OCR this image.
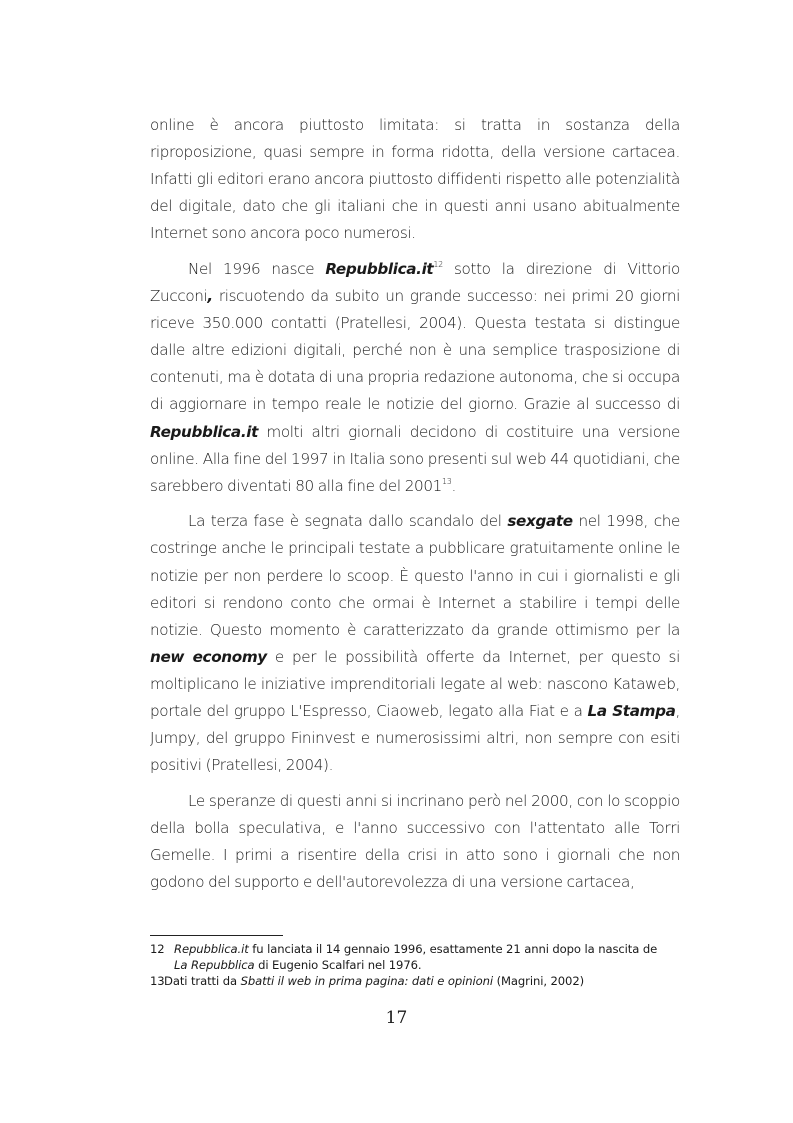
online è ancora piuttosto limitata: si tratta in sostanza della riproposizione, quasi sempre in forma ridotta, della versione cartacea. Infatti gli editori erano ancora piuttosto diffidenti rispetto alle potenzialità del digitale, dato che gli italiani che in questi anni usano abitualmente Internet sono ancora poco numerosi.

Nel 1996 nasce $Repubblica.it^{12}$ sotto la direzione di Vittorio Zucconi, riscuotendo da subito un grande successo: nei primi 20 giorni riceve 350.000 contatti (Pratellesi, 2004). Questa testata si distingue dalle altre edizioni digitali, perché non è una semplice trasposizione di contenuti, ma è dotata di una propria redazione autonoma, che si occupa di aggiornare in tempo reale le notizie del giorno. Grazie al successo di Repubblica.it molti altri giornali decidono di costituire una versione online. Alla fine del 1997 in Italia sono presenti sul web 44 quotidiani, che sarebbero diventati 80 alla fine del 2001$^{13}$.

La terza fase è segnata dallo scandalo del sexgate nel 1998, che costringe anche le principali testate a pubblicare gratuitamente online le notizie per non perdere lo scoop. È questo l'anno in cui i giornalisti e gli editori si rendono conto che ormai è Internet a stabilire i tempi delle notizie. Questo momento è caratterizzato da grande ottimismo per la new economy e per le possibilità offerte da Internet, per questo si moltiplicano le iniziative imprenditoriali legate al web: nascono Kataweb, portale del gruppo L'Espresso, Ciaoweb, legato alla Fiat e a La Stampa, Jumpy, del gruppo Fininvest e numerosissimi altri, non sempre con esiti positivi (Pratellesi, 2004).

Le speranze di questi anni si incrinano però nel 2000, con lo scoppio della bolla speculativa, e l'anno successivo con l'attentato alle Torri Gemelle. I primi a risentire della crisi in atto sono i giornali che non godono del supporto e dell'autorevolezza di una versione cartacea,

12 Repubblica.it fu lanciata il 14 gennaio 1996, esattamente 21 anni dopo la nascita de

La Repubblica di Eugenio Scalfari nel 1976.

13Dati tratti da Sbatti il web in prima pagina: dati e opinioni (Magrini, 2002)

17
